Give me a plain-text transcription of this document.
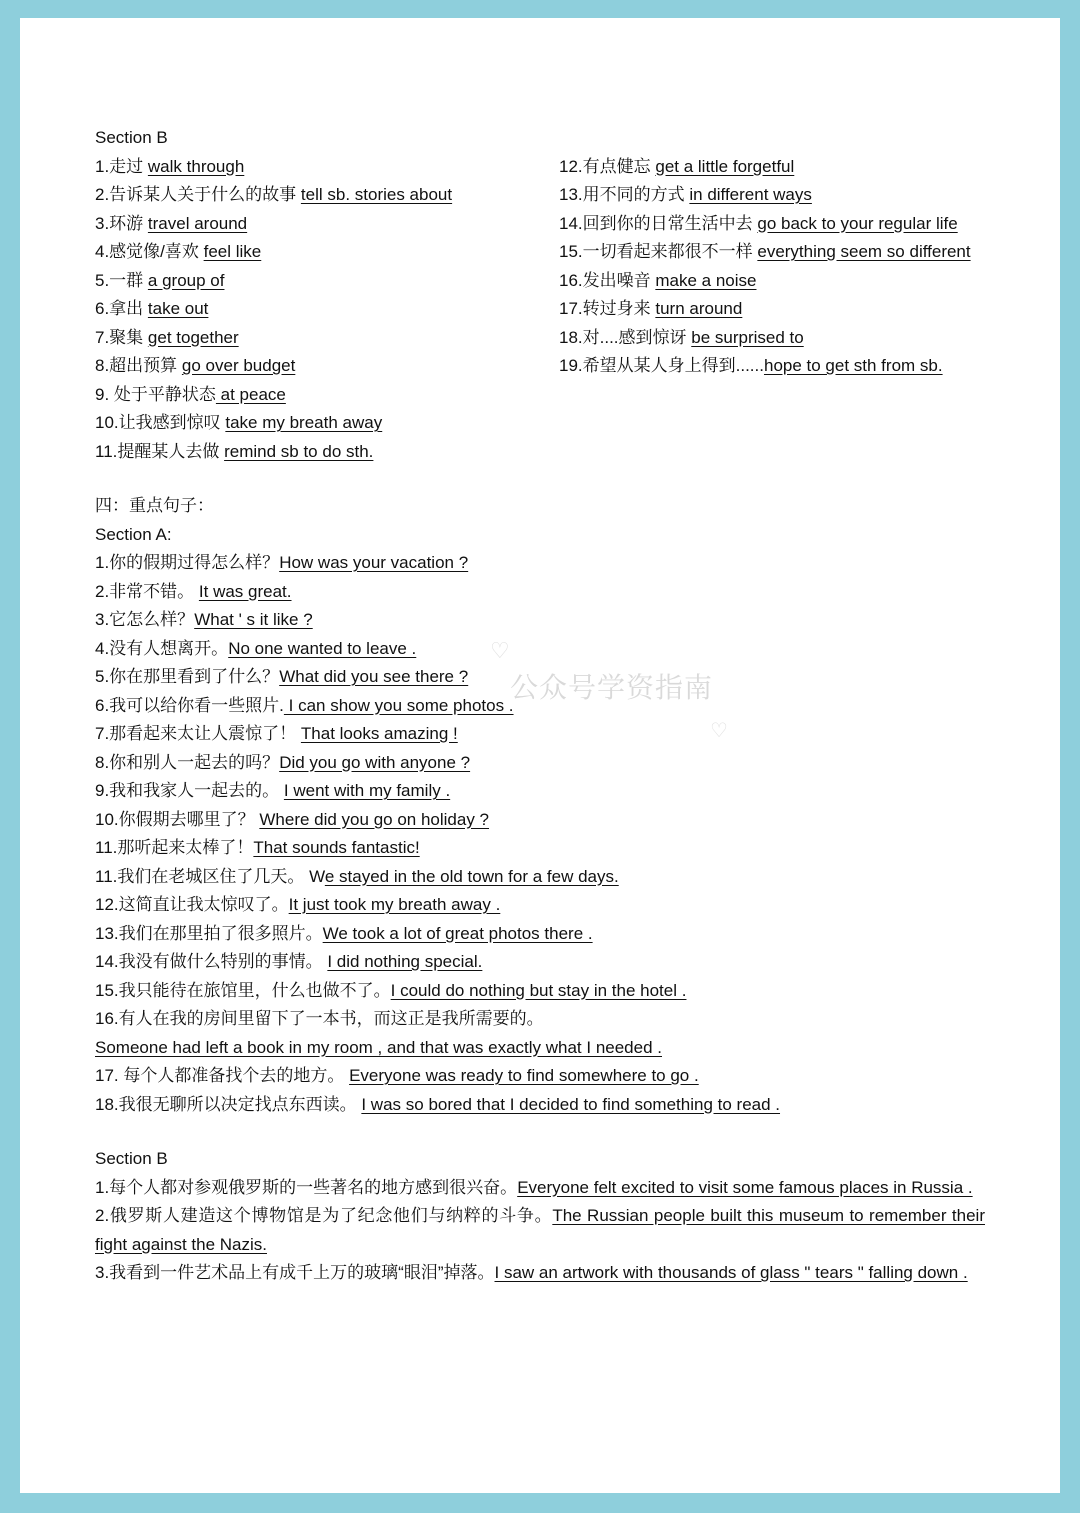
Section B
1.走过 walk through
2.告诉某人关于什么的故事 tell sb. stories about
3.环游 travel around
4.感觉像/喜欢 feel like
5.一群 a group of
6.拿出 take out
7.聚集 get together
8.超出预算 go over budget
9. 处于平静状态 at peace
10.让我感到惊叹 take my breath away
11.提醒某人去做 remind sb to do sth.
12.有点健忘 get a little forgetful
13.用不同的方式 in different ways
14.回到你的日常生活中去 go back to your regular life
15.一切看起来都很不一样 everything seem so different
16.发出噪音 make a noise
17.转过身来 turn around
18.对....感到惊讶 be surprised to
19.希望从某人身上得到......hope to get sth from sb.
四：重点句子：
Section A:
1.你的假期过得怎么样？How was your vacation ?
2.非常不错。 It was great.
3.它怎么样？What ' s it like ?
4.没有人想离开。No one wanted to leave .
5.你在那里看到了什么？What did you see there ?
6.我可以给你看一些照片. I can show you some photos .
7.那看起来太让人震惊了！ That looks amazing !
8.你和别人一起去的吗？Did you go with anyone ?
9.我和我家人一起去的。 I went with my family .
10.你假期去哪里了？ Where did you go on holiday ?
11.那听起来太棒了！That sounds fantastic!
11.我们在老城区住了几天。 We stayed in the old town for a few days.
12.这简直让我太惊叹了。It just took my breath away .
13.我们在那里拍了很多照片。We took a lot of great photos there .
14.我没有做什么特别的事情。 I did nothing special.
15.我只能待在旅馆里，什么也做不了。I could do nothing but stay in the hotel .
16.有人在我的房间里留下了一本书，而这正是我所需要的。
Someone had left a book in my room , and that was exactly what I needed .
17. 每个人都准备找个去的地方。 Everyone was ready to find somewhere to go .
18.我很无聊所以决定找点东西读。 I was so bored that I decided to find something to read .
Section B
1.每个人都对参观俄罗斯的一些著名的地方感到很兴奋。Everyone felt excited to visit some famous places in Russia .
2.俄罗斯人建造这个博物馆是为了纪念他们与纳粹的斗争。The Russian people built this museum to remember their fight against the Nazis.
3.我看到一件艺术品上有成千上万的玻璃“眼泪”掉落。I saw an artwork with thousands of glass " tears " falling down .
♡
公众号学资指南
♡
